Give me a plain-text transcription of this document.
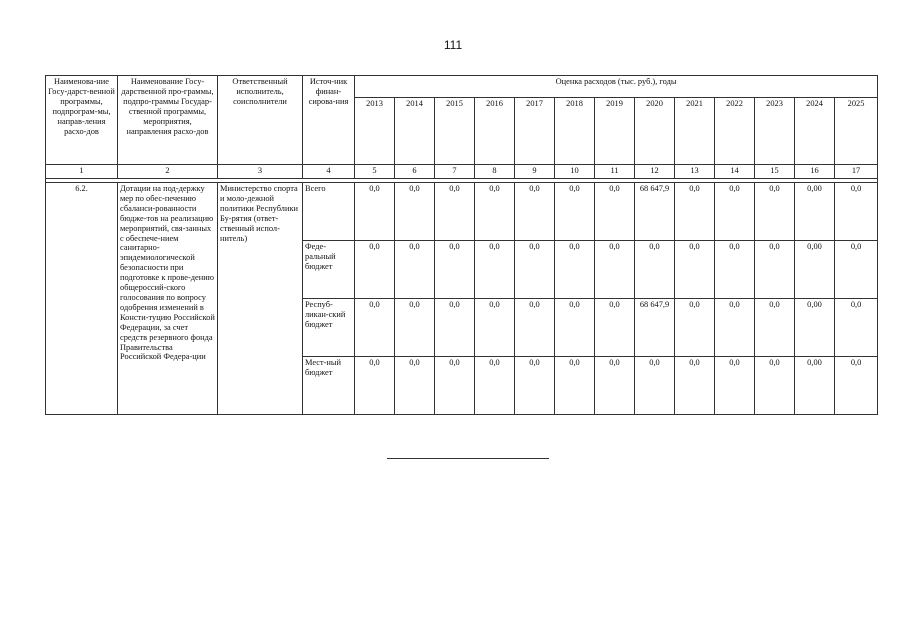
111
Наименова-ние Госу-дарст-венной программы, подпрограм-мы, направ-ления расхо-дов	Наименование Госу-дарственной про-граммы, подпро-граммы Государ-ственной программы, мероприятия, направления расхо-дов	Ответственный исполнитель, соисполнители	Источ-ник финан-сирова-ния	Оценка расходов (тыс. руб.), годы												
				2013	2014	2015	2016	2017	2018	2019	2020	2021	2022	2023	2024	2025
1	2	3	4	5	6	7	8	9	10	11	12	13	14	15	16	17

6.2.	Дотации на под-держку мер по обес-печению сбаланси-рованности бюдже-тов на реализацию мероприятий, свя-занных с обеспече-нием санитарно-эпидемиологической безопасности при подготовке к прове-дению общероссий-ского голосования по вопросу одобрения изменений в Консти-туцию Российской Федерации, за счет средств резервного фонда Правительства Российской Федера-ции	Министерство спорта и моло-дежной политики Республики Бу-рятия (ответ-ственный испол-нитель)	Всего	0,0	0,0	0,0	0,0	0,0	0,0	0,0	68 647,9	0,0	0,0	0,0	0,00	0,0
			Феде-ральный бюджет	0,0	0,0	0,0	0,0	0,0	0,0	0,0	0,0	0,0	0,0	0,0	0,00	0,0
			Респуб-ликан-ский бюджет	0,0	0,0	0,0	0,0	0,0	0,0	0,0	68 647,9	0,0	0,0	0,0	0,00	0,0
			Мест-ный бюджет	0,0	0,0	0,0	0,0	0,0	0,0	0,0	0,0	0,0	0,0	0,0	0,00	0,0
